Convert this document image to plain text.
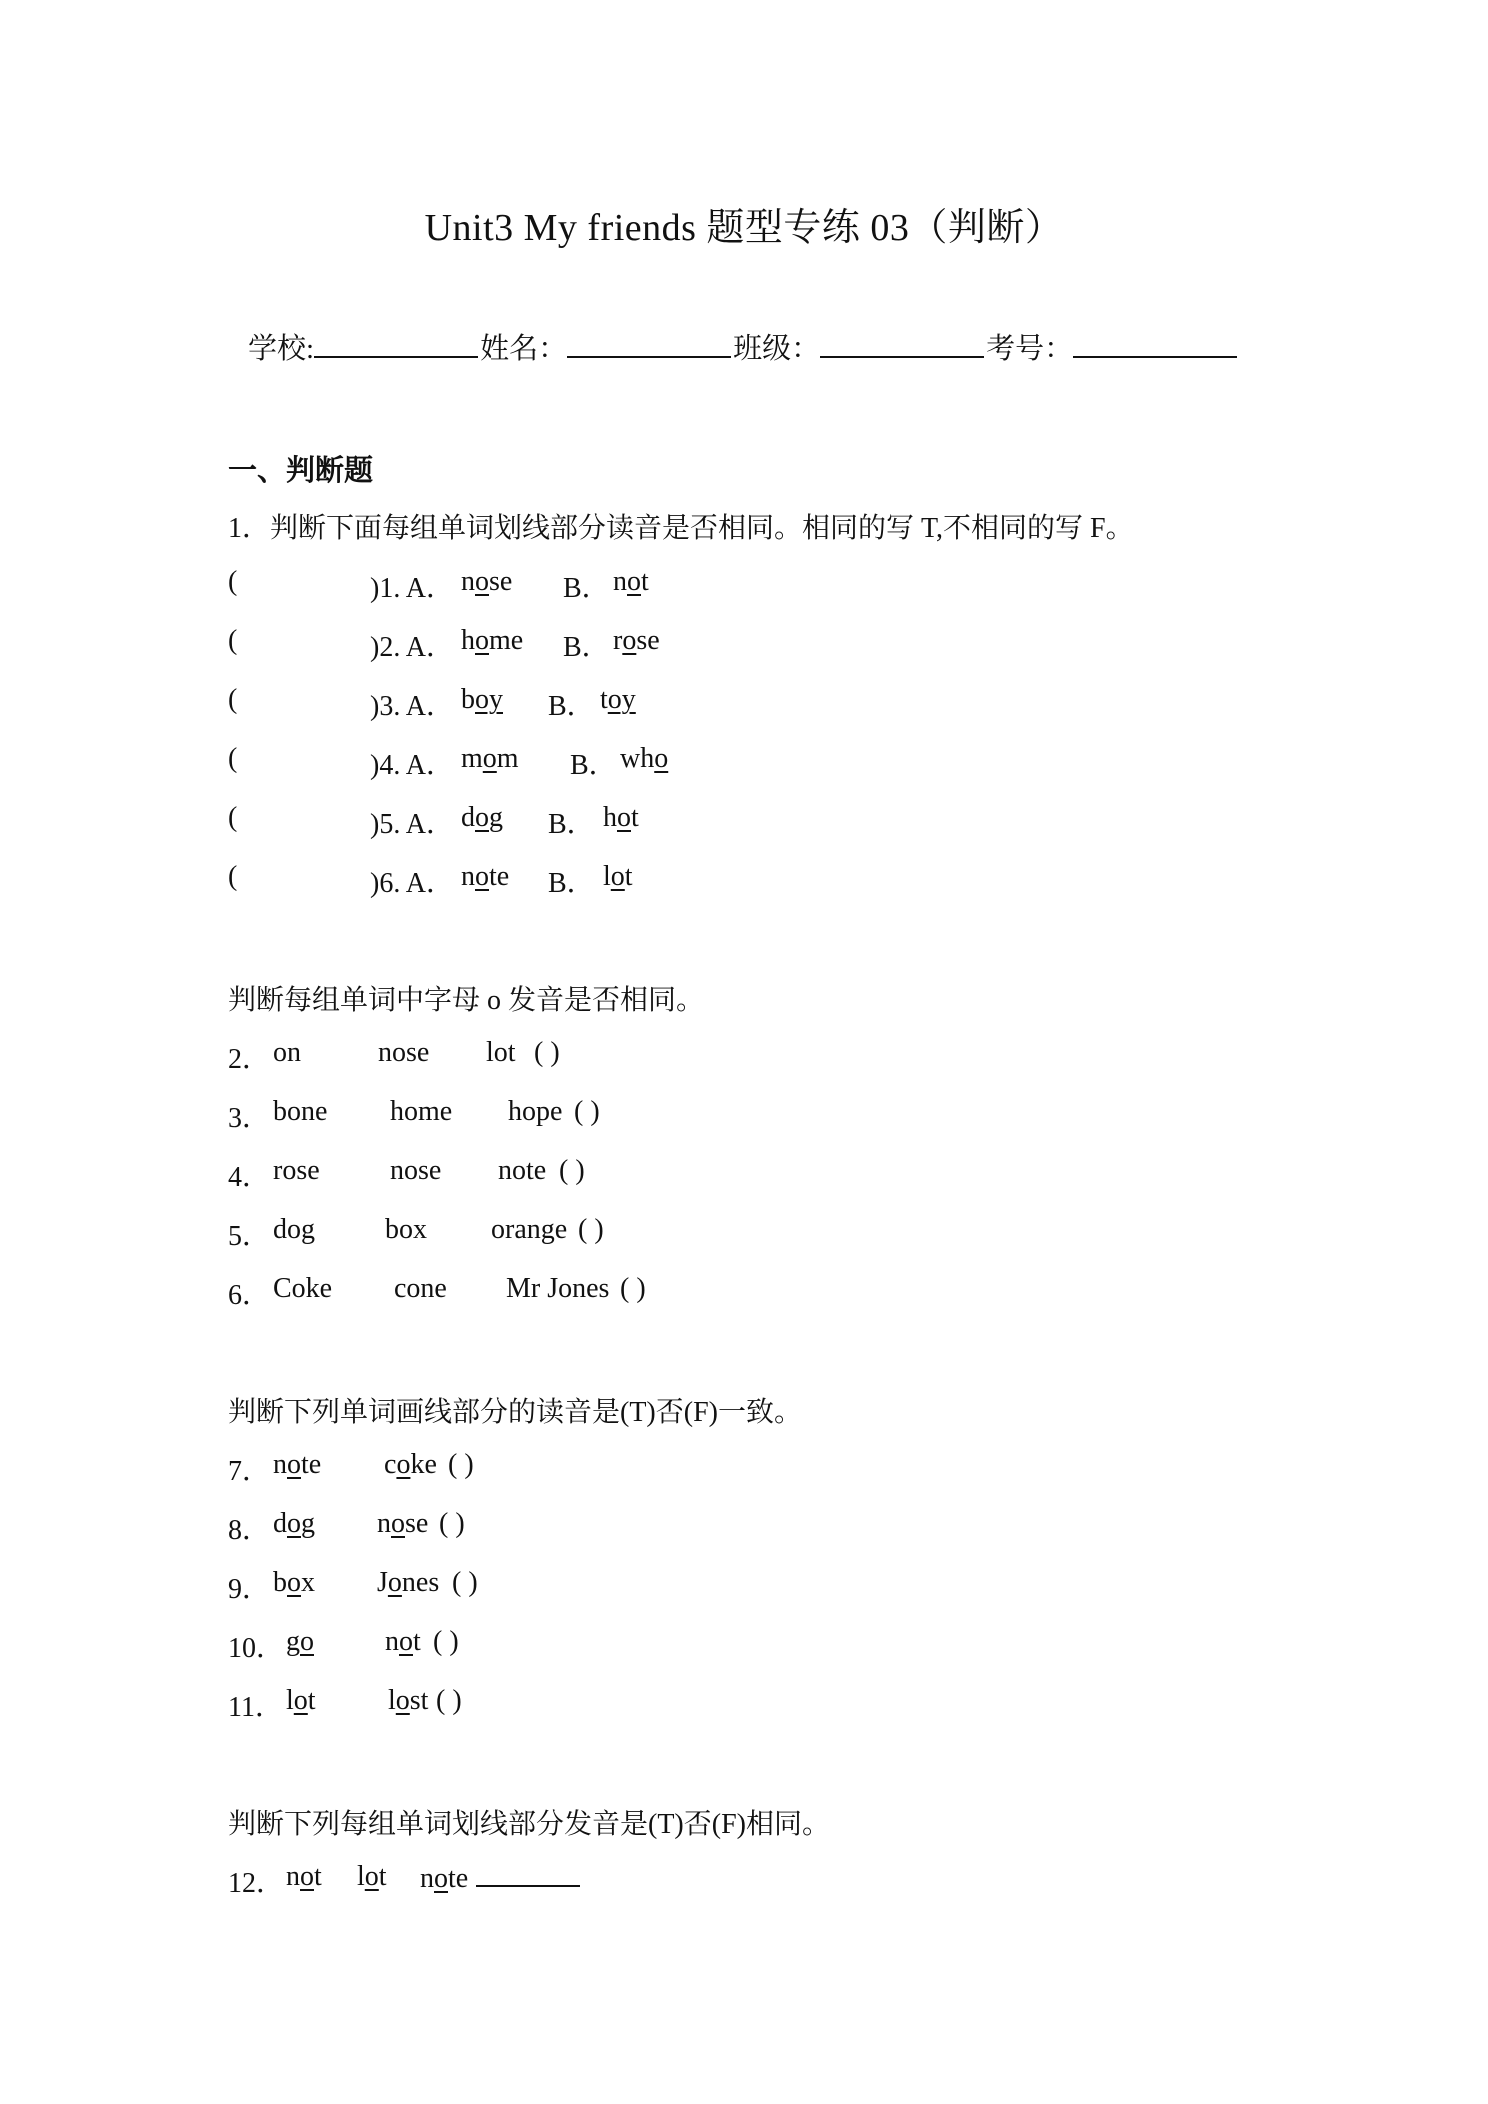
Unit3 My friends 题型专练 03（判断）
学校:	姓名：	班级：	考号：
一、判断题
1．判断下面每组单词划线部分读音是否相同。相同的写 T,不相同的写 F。
(	)1. A． nose B． not
(	)2. A． home B． rose
(	)3. A． boy B． toy
(	)4. A． mom B． who
(	)5. A． dog B． hot
(	)6. A． note B． lot
判断每组单词中字母 o 发音是否相同。
2． on	nose lot ( )
3． bone home hope ( )
4． rose	nose note ( )
5． dog	box orange ( )
6． Coke cone Mr Jones ( )
判断下列单词画线部分的读音是(T)否(F)一致。
7． note coke ( )
8． dog nose ( )
9． box Jones ( )
10． go	not ( )
11． lot	lost ( )
判断下列每组单词划线部分发音是(T)否(F)相同。
12． not lot note
